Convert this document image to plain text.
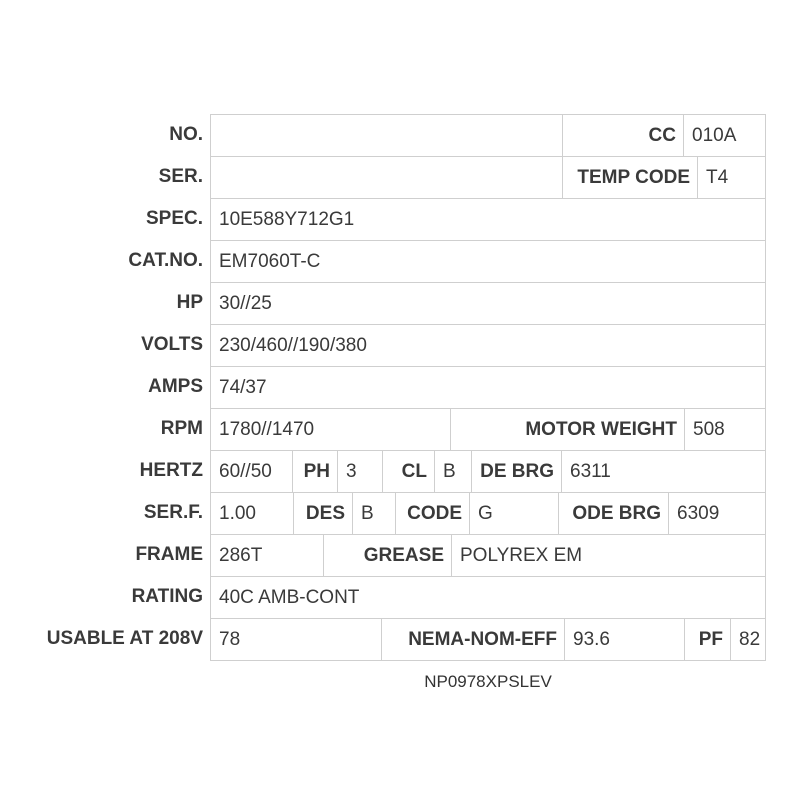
NO.	CC 010A
SER.	TEMP CODE T4
SPEC. 10E588Y712G1
CAT.NO. EM7060T-C
HP 30//25
VOLTS 230/460//190/380
AMPS 74/37
RPM 1780//1470	MOTOR WEIGHT 508
HERTZ 60//50	PH 3	CL B	DE BRG 6311
SER.F. 1.00	DES B	CODE G	ODE BRG 6309
FRAME 286T	GREASE POLYREX EM
RATING 40C AMB-CONT
USABLE AT 208V 78	NEMA-NOM-EFF 93.6	PF 82
NP0978XPSLEV
